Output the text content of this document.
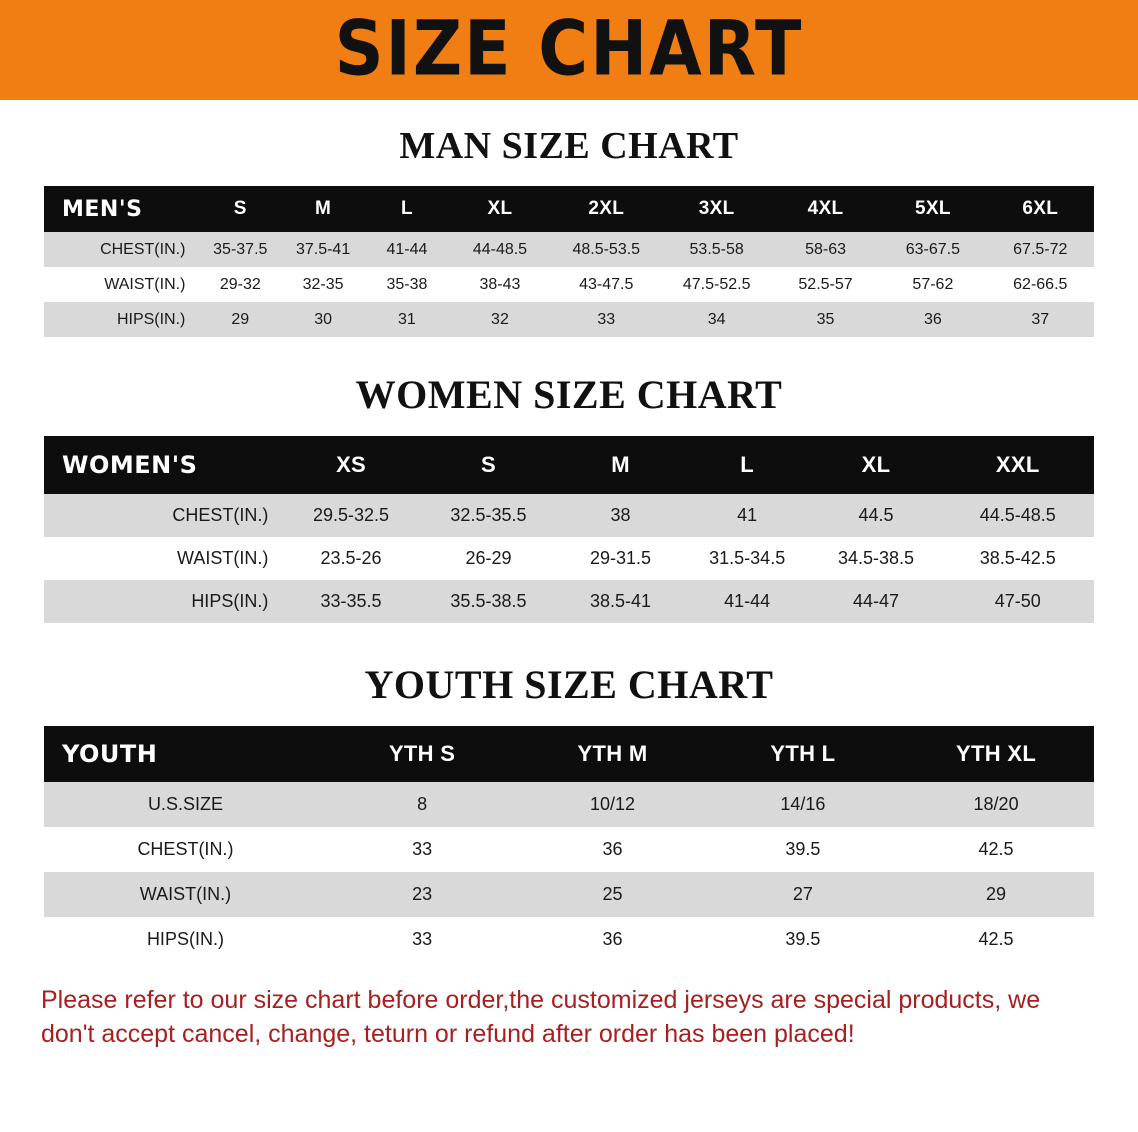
SIZE CHART
MAN SIZE CHART
MEN'S	S	M	L	XL	2XL	3XL	4XL	5XL	6XL
CHEST(IN.)	35-37.5	37.5-41	41-44	44-48.5	48.5-53.5	53.5-58	58-63	63-67.5	67.5-72
WAIST(IN.)	29-32	32-35	35-38	38-43	43-47.5	47.5-52.5	52.5-57	57-62	62-66.5
HIPS(IN.)	29	30	31	32	33	34	35	36	37
WOMEN SIZE CHART
WOMEN'S	XS	S	M	L	XL	XXL
CHEST(IN.)	29.5-32.5	32.5-35.5	38	41	44.5	44.5-48.5
WAIST(IN.)	23.5-26	26-29	29-31.5	31.5-34.5	34.5-38.5	38.5-42.5
HIPS(IN.)	33-35.5	35.5-38.5	38.5-41	41-44	44-47	47-50
YOUTH SIZE CHART
YOUTH	YTH S	YTH M	YTH L	YTH XL
U.S.SIZE	8	10/12	14/16	18/20
CHEST(IN.)	33	36	39.5	42.5
WAIST(IN.)	23	25	27	29
HIPS(IN.)	33	36	39.5	42.5

Please refer to our size chart before order,the customized jerseys are special products, we don't accept cancel, change, teturn or refund after order has been placed!
